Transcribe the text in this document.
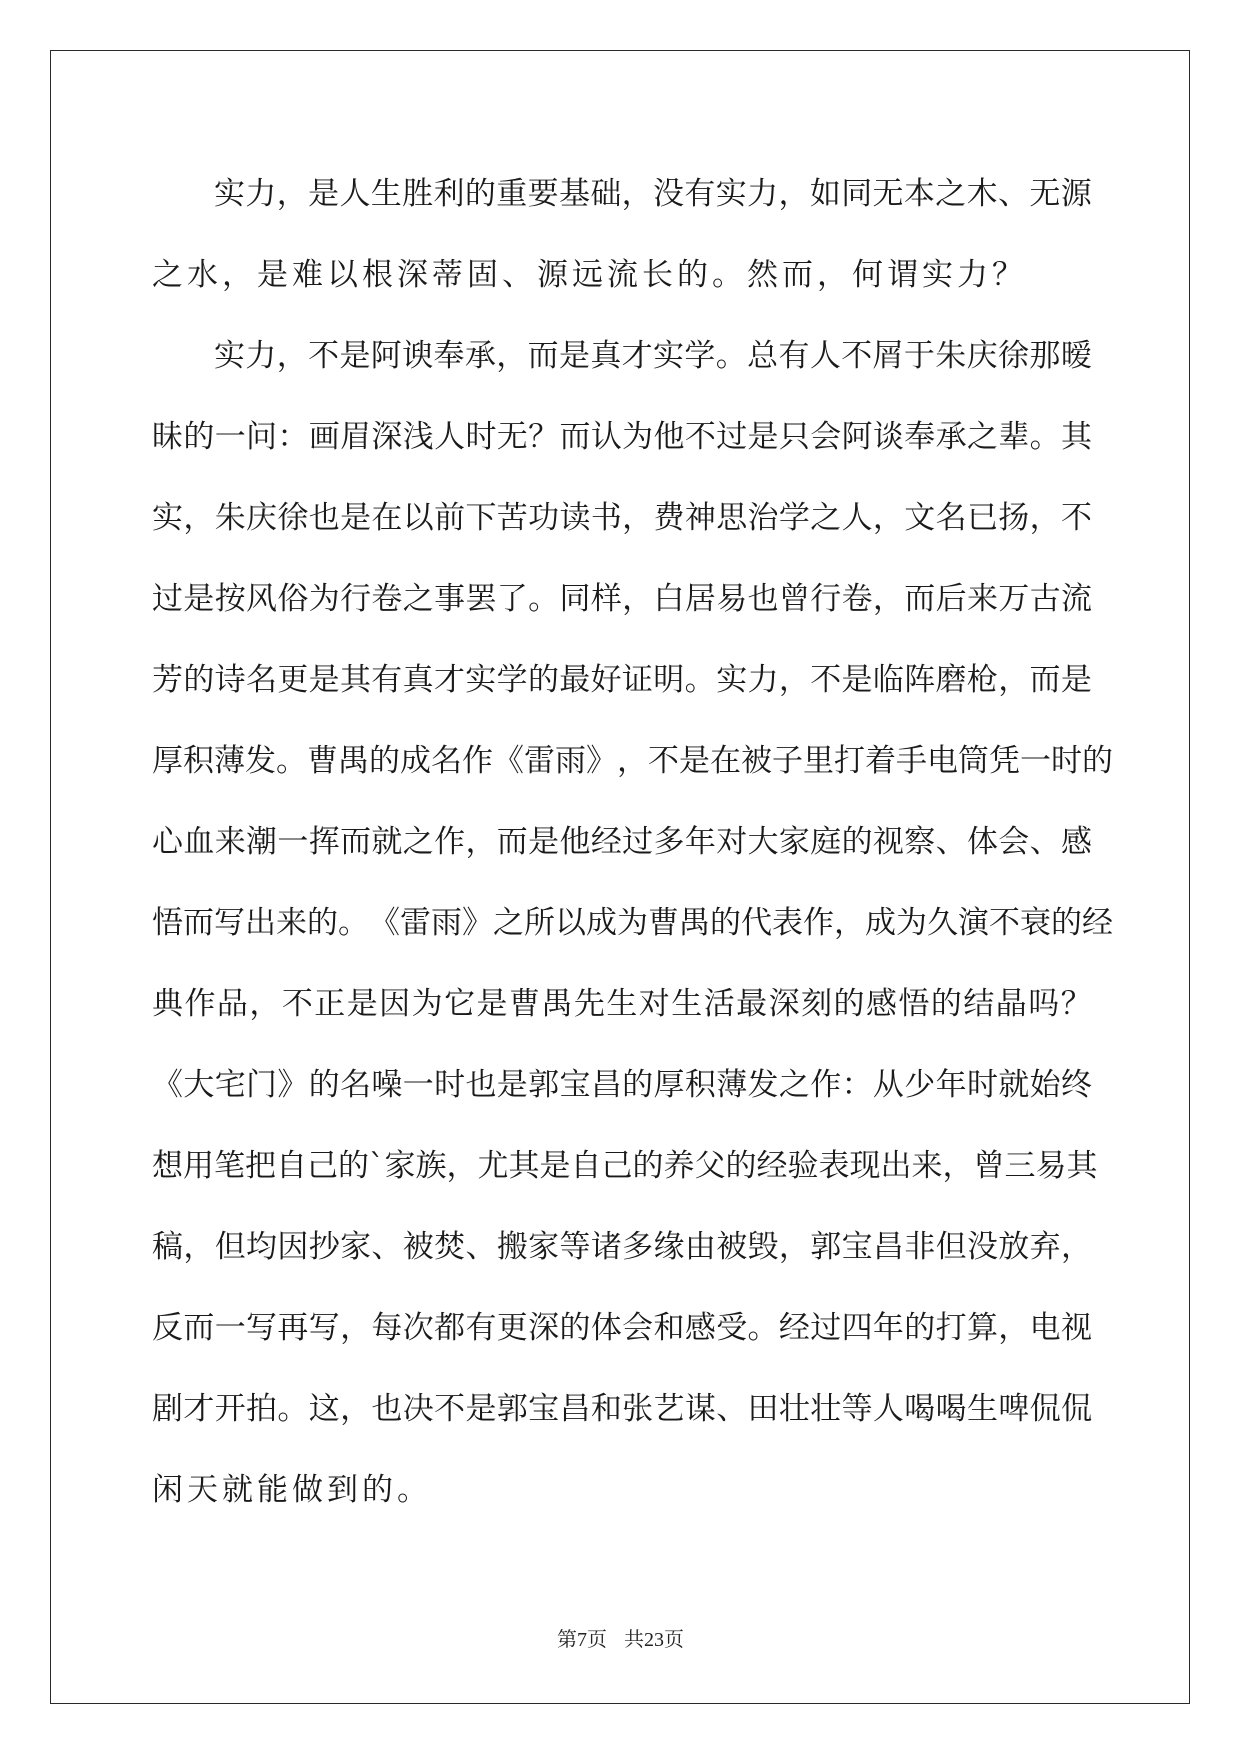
实 力 ， 是 人 生 胜 利 的 重 要 基 础 ， 没 有 实 力 ， 如 同 无 本 之 木 、 无 源
之水，是难以根深蒂固、源远流长的。然而，何谓实力？
实 力 ， 不 是 阿 谀 奉 承 ， 而 是 真 才 实 学 。 总 有 人 不 屑 于 朱 庆 徐 那 暧
昧 的 一 问 ： 画 眉 深 浅 人 时 无 ？ 而 认 为 他 不 过 是 只 会 阿 谈 奉 承 之 辈 。 其
实 ， 朱 庆 徐 也 是 在 以 前 下 苦 功 读 书 ， 费 神 思 治 学 之 人 ， 文 名 已 扬 ， 不
过 是 按 风 俗 为 行 卷 之 事 罢 了 。 同 样 ， 白 居 易 也 曾 行 卷 ， 而 后 来 万 古 流
芳 的 诗 名 更 是 其 有 真 才 实 学 的 最 好 证 明 。 实 力 ， 不 是 临 阵 磨 枪 ， 而 是
厚 积 薄 发 。 曹 禺 的 成 名 作 《 雷 雨 》 ， 不 是 在 被 子 里 打 着 手 电 筒 凭 一 时 的
心 血 来 潮 一 挥 而 就 之 作 ， 而 是 他 经 过 多 年 对 大 家 庭 的 视 察 、 体 会 、 感
悟 而 写 出 来 的 。 《 雷 雨 》 之 所 以 成 为 曹 禺 的 代 表 作 ， 成 为 久 演 不 衰 的 经
典 作 品 ， 不 正 是 因 为 它 是 曹 禺 先 生 对 生 活 最 深 刻 的 感 悟 的 结 晶 吗 ？
《 大 宅 门 》 的 名 噪 一 时 也 是 郭 宝 昌 的 厚 积 薄 发 之 作 ： 从 少 年 时 就 始 终
想 用 笔 把 自 己 的 ` 家 族 ， 尤 其 是 自 己 的 养 父 的 经 验 表 现 出 来 ， 曾 三 易 其
稿 ， 但 均 因 抄 家 、 被 焚 、 搬 家 等 诸 多 缘 由 被 毁 ， 郭 宝 昌 非 但 没 放 弃 ，
反 而 一 写 再 写 ， 每 次 都 有 更 深 的 体 会 和 感 受 。 经 过 四 年 的 打 算 ， 电 视
剧 才 开 拍 。 这 ， 也 决 不 是 郭 宝 昌 和 张 艺 谋 、 田 壮 壮 等 人 喝 喝 生 啤 侃 侃
闲天就能做到的。
第7页 共23页
